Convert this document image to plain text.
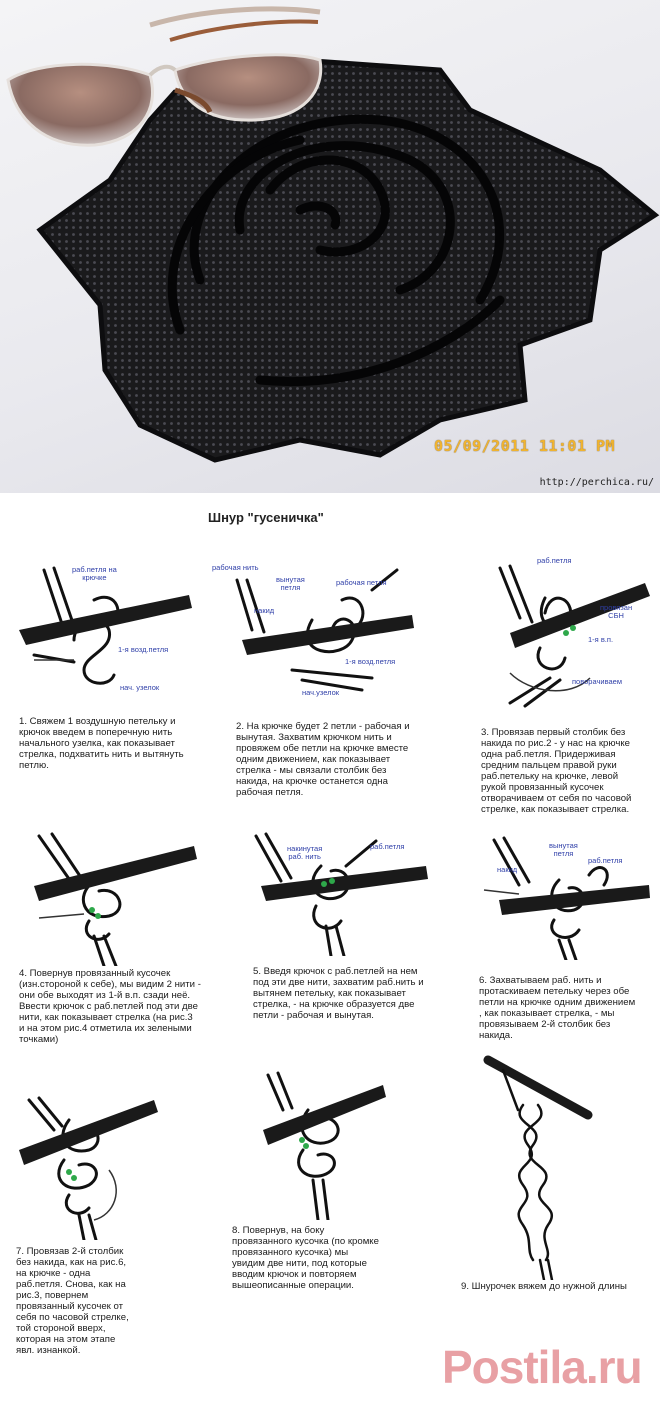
05/09/2011 11:01 PM
http://perchica.ru/
Шнур "гусеничка"
раб.петля на
крючке
1-я возд.петля
нач. узелок
1. Свяжем 1 воздушную петельку и
крючок введем в поперечную нить
начального узелка, как показывает
стрелка, подхватить нить и вытянуть
петлю.
рабочая нить
вынутая
петля
рабочая петля
накид
1-я возд.петля
нач.узелок
2. На крючке будет 2 петли - рабочая и
вынутая. Захватим крючком нить и
провяжем обе петли на крючке вместе
одним движением, как показывает
стрелка - мы связали столбик без
накида, на крючке останется одна
рабочая петля.
раб.петля
провязан
СБН
1-я в.п.
поворачиваем
3. Провязав первый столбик без
накида по рис.2 - у нас на крючке
одна раб.петля. Придерживая
средним пальцем правой руки
раб.петельку на крючке, левой
рукой провязанный кусочек
отворачиваем от себя по часовой
стрелке, как показывает стрелка.
4. Повернув провязанный кусочек
(изн.стороной к себе), мы видим 2 нити -
они обе выходят из 1-й в.п. сзади неё.
Ввести крючок с раб.петлей под эти две
нити, как показывает стрелка (на рис.3
и на этом рис.4 отметила их зелеными
точками)
накинутая
раб. нить
раб.петля
5. Введя крючок с раб.петлей на нем
под эти две нити, захватим раб.нить и
вытянем петельку, как показывает
стрелка, - на крючке образуется две
петли - рабочая и вынутая.
накид
вынутая
петля
раб.петля
6. Захватываем раб. нить и
протаскиваем петельку через обе
петли на крючке одним движением
, как показывает стрелка, - мы
провязываем 2-й столбик без
накида.
7. Провязав 2-й столбик
без накида, как на рис.6,
на крючке - одна
раб.петля. Снова, как на
рис.3, повернем
провязанный кусочек от
себя по часовой стрелке,
той стороной вверх,
которая на этом этапе
явл. изнанкой.
8. Повернув, на боку
провязанного кусочка (по кромке
провязанного кусочка) мы
увидим две нити, под которые
вводим крючок и повторяем
вышеописанные операции.	9. Шнурочек вяжем до нужной длины
Postila.ru
